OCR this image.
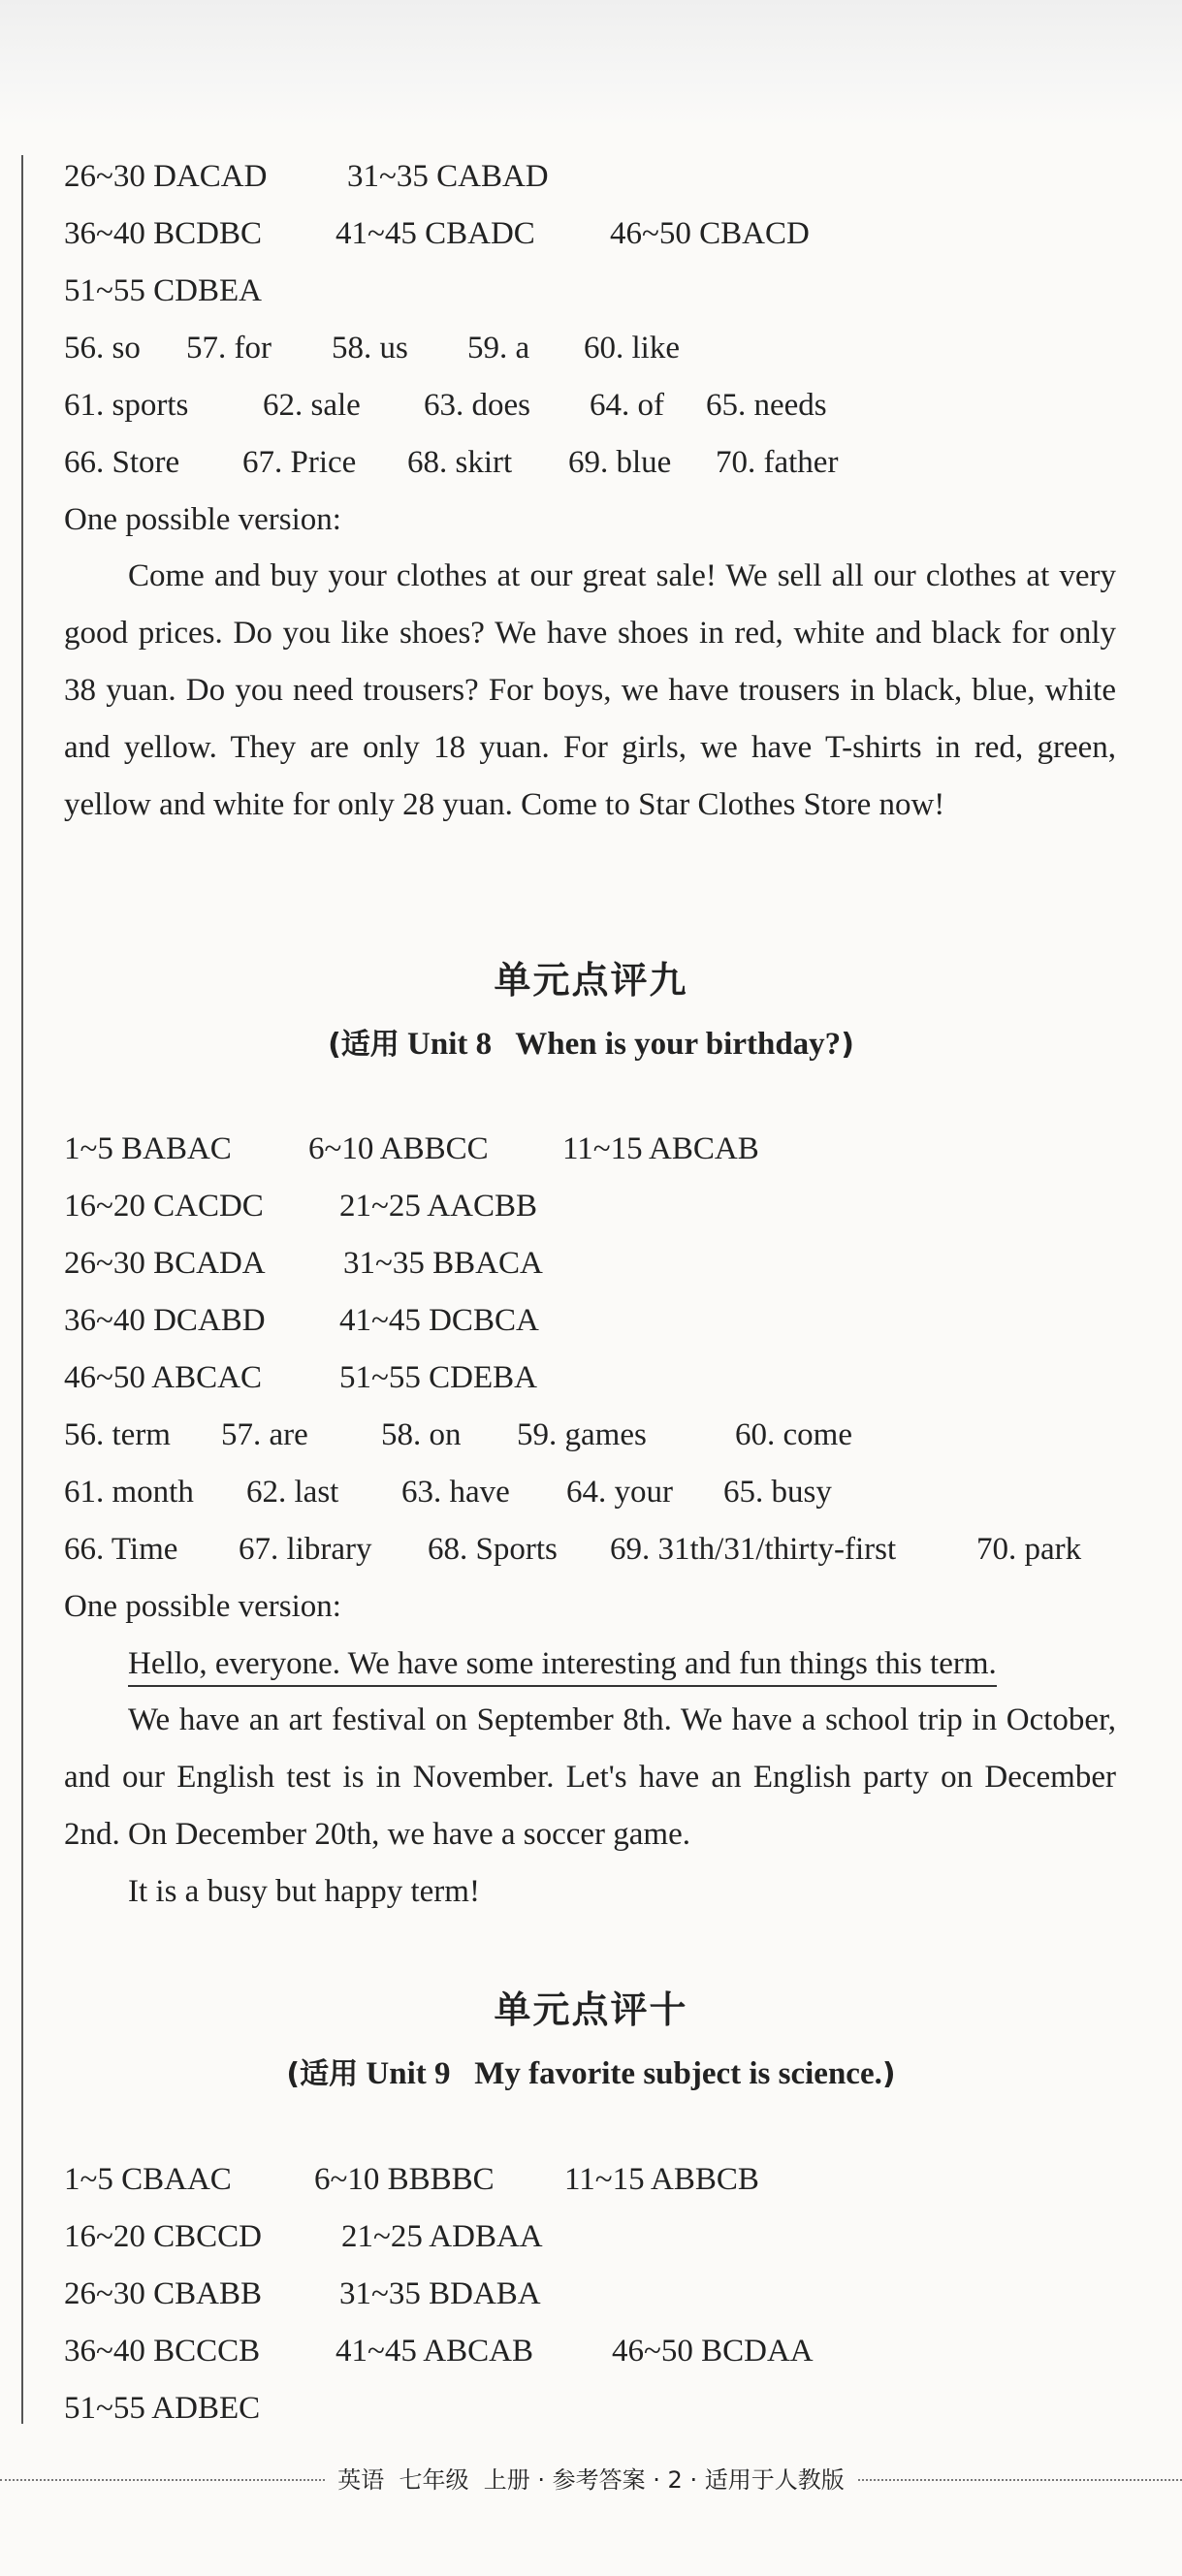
26~30 DACAD	31~35 CABAD
36~40 BCDBC 41~45 CBADC 46~50 CBACD
51~55 CDBEA
56. so 57. for 58. us 59. a 60. like
61. sports 62. sale 63. does 64. of 65. needs
66. Store 67. Price 68. skirt 69. blue 70. father
One possible version:

Come and buy your clothes at our great sale! We sell all our clothes at very good prices. Do you like shoes? We have shoes in red, white and black for only 38 yuan. Do you need trousers? For boys, we have trousers in black, blue, white and yellow. They are only 18 yuan. For girls, we have T-shirts in red, green, yellow and white for only 28 yuan. Come to Star Clothes Store now!

单元点评九
(适用 Unit 8   When is your birthday?)
1~5 BABAC 6~10 ABBCC 11~15 ABCAB
16~20 CACDC 21~25 AACBB
26~30 BCADA 31~35 BBACA
36~40 DCABD 41~45 DCBCA
46~50 ABCAC 51~55 CDEBA
56. term 57. are 58. on 59. games	60. come
61. month 62. last 63. have 64. your 65. busy
66. Time 67. library 68. Sports 69. 31th/31/thirty-first	70. park
One possible version:
Hello, everyone. We have some interesting and fun things this term.

We have an art festival on September 8th. We have a school trip in October, and our English test is in November. Let's have an English party on December 2nd. On December 20th, we have a soccer game.

It is a busy but happy term!

单元点评十
(适用 Unit 9   My favorite subject is science.)
1~5 CBAAC	6~10 BBBBC 11~15 ABBCB
16~20 CBCCD 21~25 ADBAA
26~30 CBABB 31~35 BDABA
36~40 BCCCB 41~45 ABCAB 46~50 BCDAA
51~55 ADBEC
英语  七年级  上册 · 参考答案 · 2 · 适用于人教版
